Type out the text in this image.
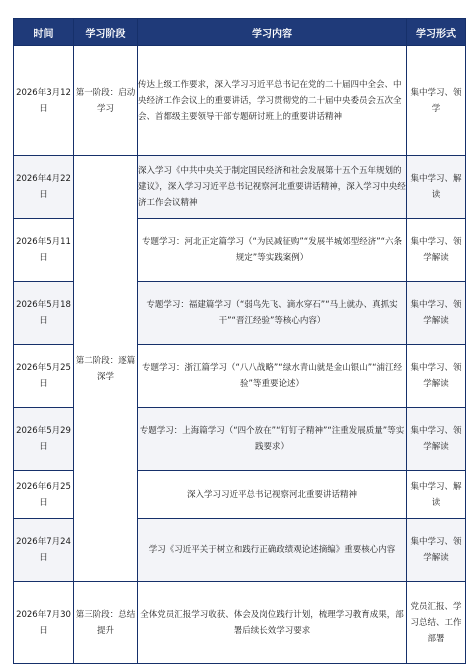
时间	学习阶段	学习内容	学习形式
2026年3月12日	第一阶段：启动学习	传达上级工作要求，深入学习习近平总书记在党的二十届四中全会、中央经济工作会议上的重要讲话，学习贯彻党的二十届中央委员会五次全会、首都级主要领导干部专题研讨班上的重要讲话精神	集中学习、领学
2026年4月22日	第二阶段：逐篇深学	深入学习《中共中央关于制定国民经济和社会发展第十五个五年规划的建议》，深入学习习近平总书记视察河北重要讲话精神，深入学习中央经济工作会议精神	集中学习、解读
2026年5月11日		专题学习：河北正定篇学习（“为民减征购”“发展半城郊型经济”“六条规定”等实践案例）	集中学习、领学解读
2026年5月18日		专题学习：福建篇学习（“弱鸟先飞、滴水穿石”“马上就办、真抓实干”“晋江经验”等核心内容）	集中学习、领学解读
2026年5月25日		专题学习：浙江篇学习（“八八战略”“绿水青山就是金山银山”“浦江经验”等重要论述）	集中学习、领学解读
2026年5月29日		专题学习：上海篇学习（“四个放在”“钉钉子精神”“注重发展质量”等实践要求）	集中学习、领学解读
2026年6月25日		深入学习习近平总书记视察河北重要讲话精神	集中学习、解读
2026年7月24日		学习《习近平关于树立和践行正确政绩观论述摘编》重要核心内容	集中学习、领学解读
2026年7月30日	第三阶段：总结提升	全体党员汇报学习收获、体会及岗位践行计划，梳理学习教育成果，部署后续长效学习要求	党员汇报、学习总结、工作部署
